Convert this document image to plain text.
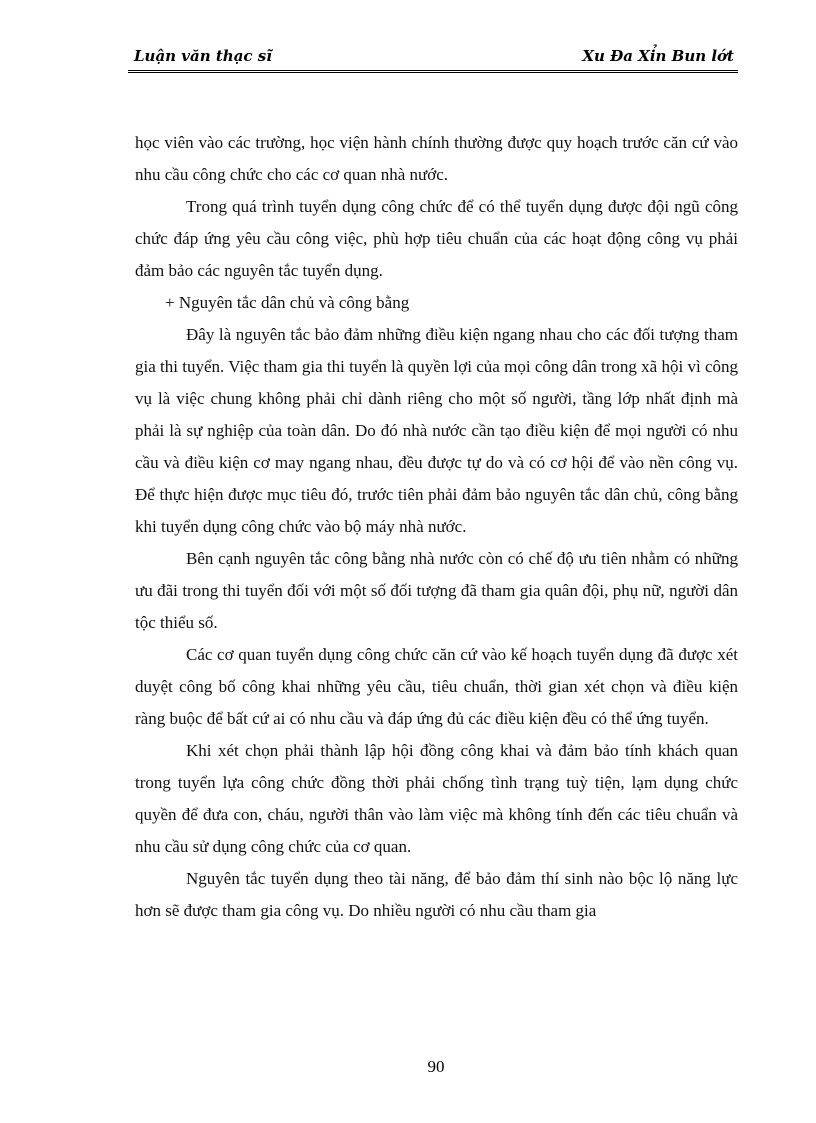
Luận văn thạc sĩ	Xu Đa Xỉn Bun lớt

học viên vào các trường, học viện hành chính thường được quy hoạch trước căn cứ vào nhu cầu công chức cho các cơ quan nhà nước.

Trong quá trình tuyển dụng công chức để có thể tuyển dụng được đội ngũ công chức đáp ứng yêu cầu công việc, phù hợp tiêu chuẩn của các hoạt động công vụ phải đảm bảo các nguyên tắc tuyển dụng.

+ Nguyên tắc dân chủ và công bằng

Đây là nguyên tắc bảo đảm những điều kiện ngang nhau cho các đối tượng tham gia thi tuyển. Việc tham gia thi tuyển là quyền lợi của mọi công dân trong xã hội vì công vụ là việc chung không phải chỉ dành riêng cho một số người, tầng lớp nhất định mà phải là sự nghiệp của toàn dân. Do đó nhà nước cần tạo điều kiện để mọi người có nhu cầu và điều kiện cơ may ngang nhau, đều được tự do và có cơ hội để vào nền công vụ. Để thực hiện được mục tiêu đó, trước tiên phải đảm bảo nguyên tắc dân chủ, công bằng khi tuyển dụng công chức vào bộ máy nhà nước.

Bên cạnh nguyên tắc công bằng nhà nước còn có chế độ ưu tiên nhằm có những ưu đãi trong thi tuyển đối với một số đối tượng đã tham gia quân đội, phụ nữ, người dân tộc thiểu số.

Các cơ quan tuyển dụng công chức căn cứ vào kế hoạch tuyển dụng đã được xét duyệt công bố công khai những yêu cầu, tiêu chuẩn, thời gian xét chọn và điều kiện ràng buộc để bất cứ ai có nhu cầu và đáp ứng đủ các điều kiện đều có thể ứng tuyển.

Khi xét chọn phải thành lập hội đồng công khai và đảm bảo tính khách quan trong tuyển lựa công chức đồng thời phải chống tình trạng tuỳ tiện, lạm dụng chức quyền để đưa con, cháu, người thân vào làm việc mà không tính đến các tiêu chuẩn và nhu cầu sử dụng công chức của cơ quan.

Nguyên tắc tuyển dụng theo tài năng, để bảo đảm thí sinh nào bộc lộ năng lực hơn sẽ được tham gia công vụ. Do nhiều người có nhu cầu tham gia

90
